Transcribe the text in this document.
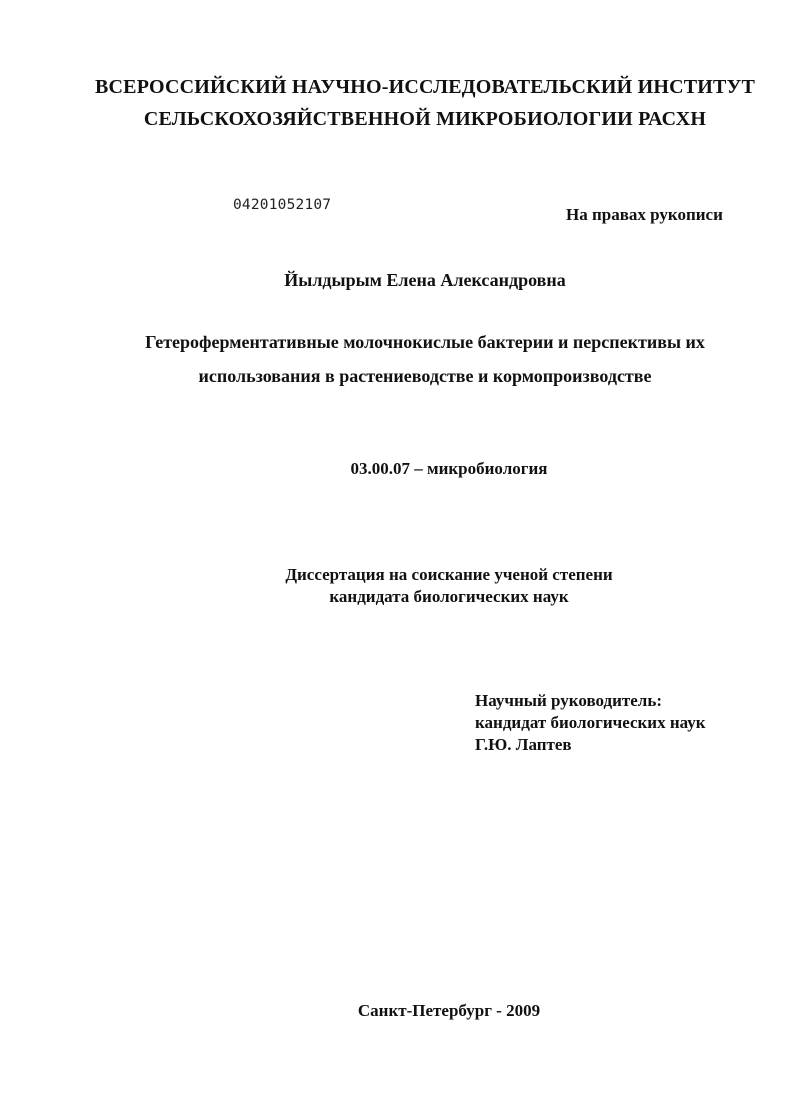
ВСЕРОССИЙСКИЙ НАУЧНО-ИССЛЕДОВАТЕЛЬСКИЙ ИНСТИТУТ
СЕЛЬСКОХОЗЯЙСТВЕННОЙ МИКРОБИОЛОГИИ РАСХН
04201052107	На правах рукописи
Йылдырым Елена Александровна
Гетероферментативные молочнокислые бактерии и перспективы их
использования в растениеводстве и кормопроизводстве
03.00.07 – микробиология
Диссертация на соискание ученой степени
кандидата биологических наук
Научный руководитель:
кандидат биологических наук
Г.Ю. Лаптев
Санкт-Петербург - 2009
